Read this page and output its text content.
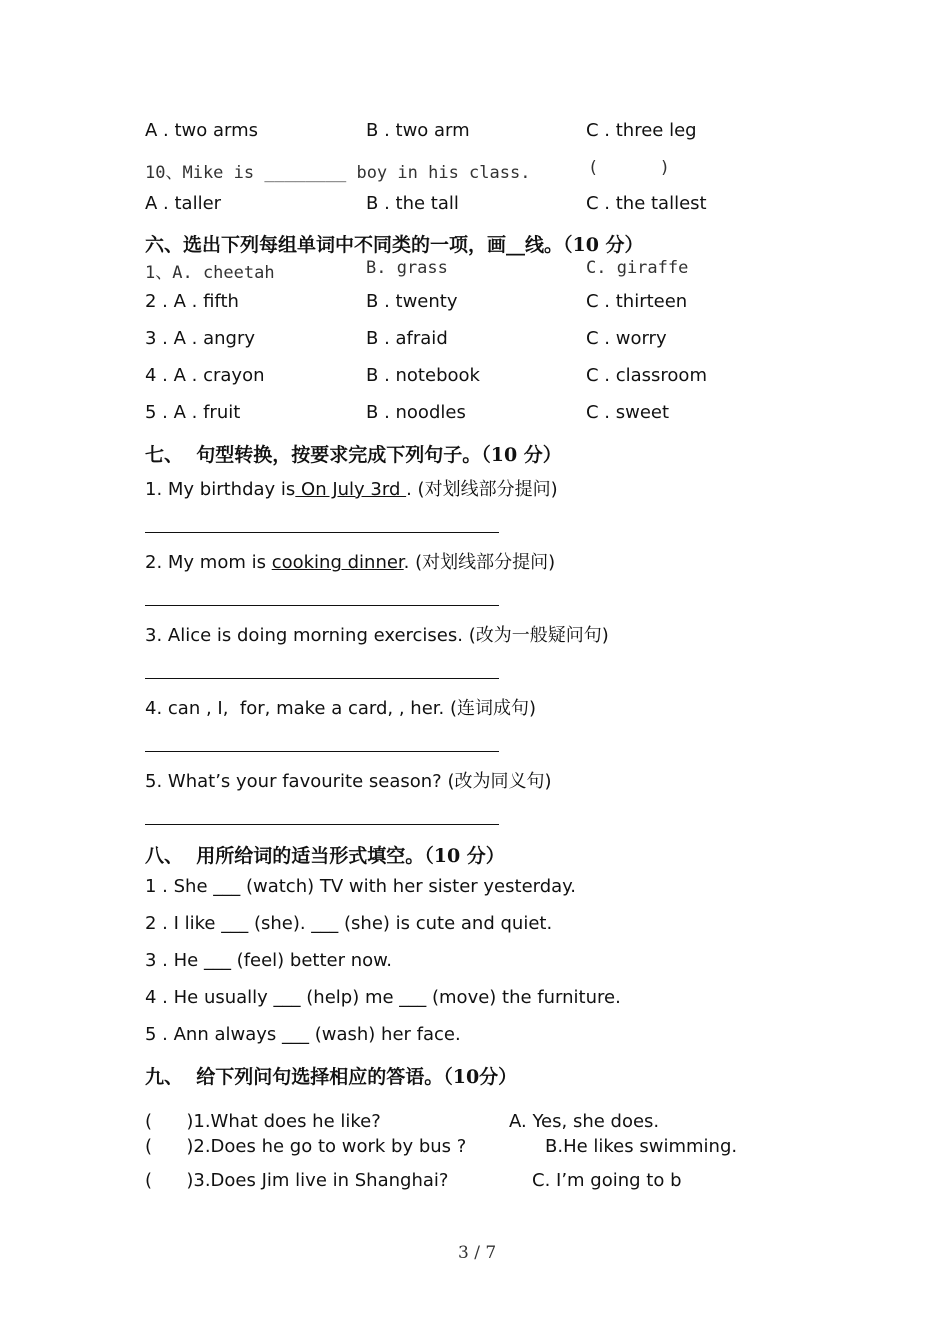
A . two arms	B . two arm	C . three leg
10、Mike is ________ boy in his class.	(      )
A . taller	B . the tall	C . the tallest
六、选出下列每组单词中不同类的一项，画__线。（10 分）
1、A. cheetah	B. grass	C. giraffe
2 . A . fifth	B . twenty	C . thirteen
3 . A . angry	B . afraid	C . worry
4 . A . crayon	B . notebook	C . classroom
5 . A . fruit	B . noodles	C . sweet
七、  句型转换，按要求完成下列句子。（10 分）
1. My birthday is On July 3rd . (对划线部分提问)
2. My mom is cooking dinner. (对划线部分提问)
3. Alice is doing morning exercises. (改为一般疑问句)
4. can , I,  for, make a card, , her. (连词成句)
5. What’s your favourite season? (改为同义句)
八、  用所给词的适当形式填空。（10 分）
1 . She ___ (watch) TV with her sister yesterday.
2 . I like ___ (she). ___ (she) is cute and quiet.
3 . He ___ (feel) better now.
4 . He usually ___ (help) me ___ (move) the furniture.
5 . Ann always ___ (wash) her face.
九、  给下列问句选择相应的答语。（10分）
(      )1.What does he like?	A. Yes, she does.
(      )2.Does he go to work by bus ?	B.He likes swimming.
(      )3.Does Jim live in Shanghai?	C. I’m going to b
3 / 7
